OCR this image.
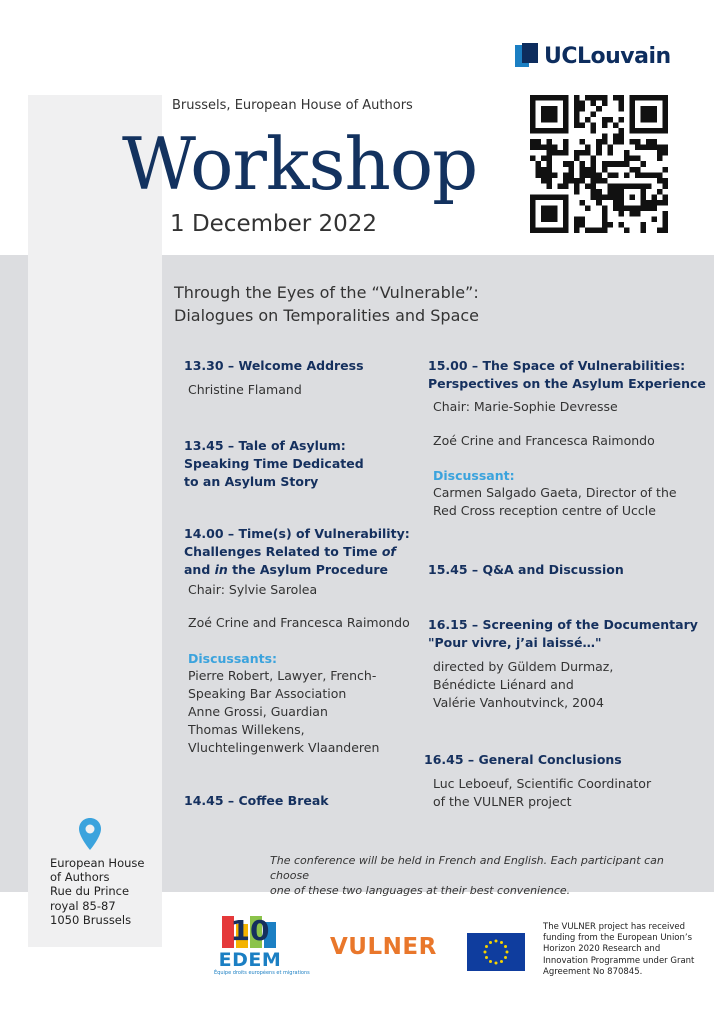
UCLouvain
Brussels, European House of Authors
Workshop
1 December 2022
Through the Eyes of the “Vulnerable”:
Dialogues on Temporalities and Space
13.30 – Welcome Address
Christine Flamand
13.45 – Tale of Asylum:
Speaking Time Dedicated
to an Asylum Story
14.00 – Time(s) of Vulnerability:
Challenges Related to Time of
and in the Asylum Procedure
Chair: Sylvie Sarolea
Zoé Crine and Francesca Raimondo
Discussants:
Pierre Robert, Lawyer, French-
Speaking Bar Association
Anne Grossi, Guardian
Thomas Willekens,
Vluchtelingenwerk Vlaanderen
14.45 – Coffee Break
15.00 – The Space of Vulnerabilities:
Perspectives on the Asylum Experience
Chair: Marie-Sophie Devresse
Zoé Crine and Francesca Raimondo
Discussant:
Carmen Salgado Gaeta, Director of the
Red Cross reception centre of Uccle
15.45 – Q&A and Discussion
16.15 – Screening of the Documentary
"Pour vivre, j’ai laissé…"
directed by Güldem Durmaz,
Bénédicte Liénard and
Valérie Vanhoutvinck, 2004
16.45 – General Conclusions
Luc Leboeuf, Scientific Coordinator
of the VULNER project
European House
of Authors
Rue du Prince
royal 85-87
1050 Brussels
The conference will be held in French and English. Each participant can choose
one of these two languages at their best convenience.
10
EDEM
Équipe droits européens et migrations
VULNER
The VULNER project has received
funding from the European Union’s
Horizon 2020 Research and
Innovation Programme under Grant
Agreement No 870845.
